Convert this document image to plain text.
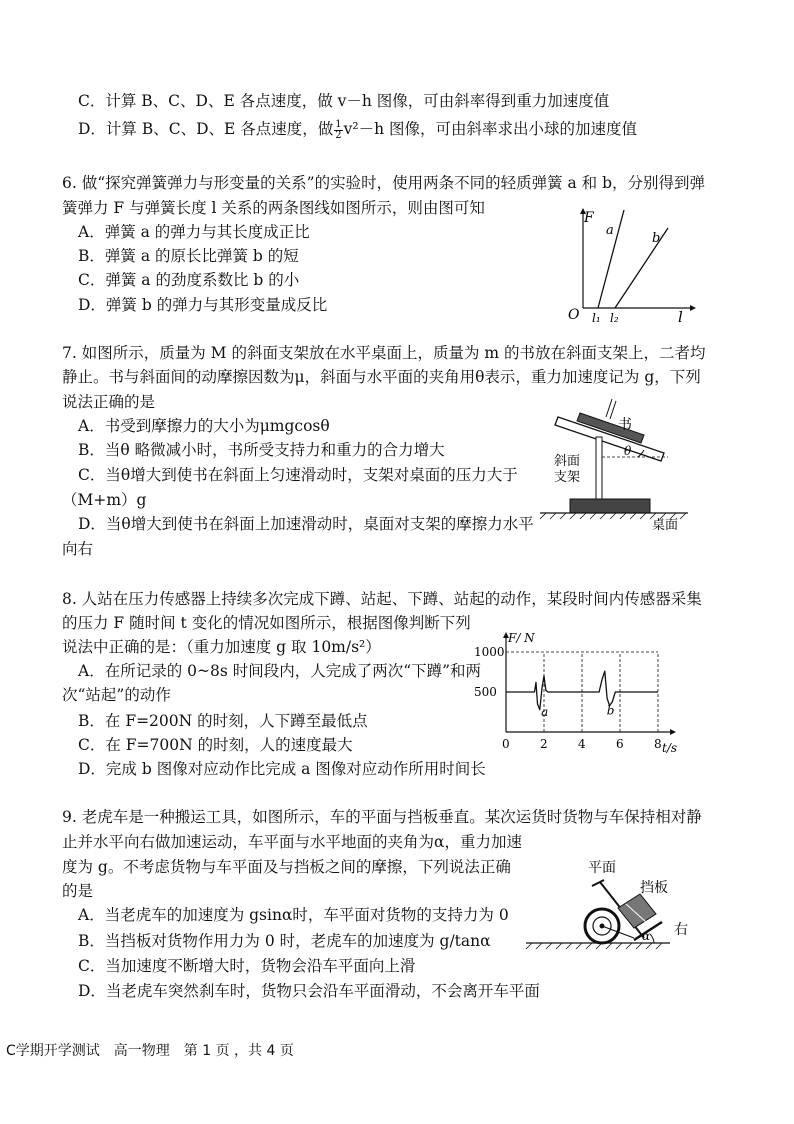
C．计算 B、C、D、E 各点速度，做 v－h 图像，可由斜率得到重力加速度值
D．计算 B、C、D、E 各点速度，做 $\frac{1}{2} v^2-h$ 图像，可由斜率求出小球的加速度值
6. 做“探究弹簧弹力与形变量的关系”的实验时，使用两条不同的轻质弹簧 a 和 b，分别得到弹
簧弹力 F 与弹簧长度 l 关系的两条图线如图所示，则由图可知
A．弹簧 a 的弹力与其长度成正比
B．弹簧 a 的原长比弹簧 b 的短
C．弹簧 a 的劲度系数比 b 的小
D．弹簧 b 的弹力与其形变量成反比
F
O	l
a
b
l₁ l₂
7. 如图所示，质量为 M 的斜面支架放在水平桌面上，质量为 m 的书放在斜面支架上，二者均
静止。书与斜面间的动摩擦因数为μ，斜面与水平面的夹角用θ表示，重力加速度记为 g，下列
说法正确的是
A．书受到摩擦力的大小为μmgcosθ
B．当θ 略微减小时，书所受支持力和重力的合力增大
C．当θ增大到使书在斜面上匀速滑动时，支架对桌面的压力大于
（M+m）g
D．当θ增大到使书在斜面上加速滑动时，桌面对支架的摩擦力水平
向右
书
θ
斜面
支架
桌面
8. 人站在压力传感器上持续多次完成下蹲、站起、下蹲、站起的动作，某段时间内传感器采集
的压力 F 随时间 t 变化的情况如图所示，根据图像判断下列
说法中正确的是：（重力加速度 g 取 10m/s²）
A．在所记录的 0~8s 时间段内，人完成了两次“下蹲”和两
次“站起”的动作
B．在 F=200N 的时刻，人下蹲至最低点
C．在 F=700N 的时刻，人的速度最大
D．完成 b 图像对应动作比完成 a 图像对应动作所用时间长
F/ N
t/s
0	2	4	6	8
500
1000
a	b
9. 老虎车是一种搬运工具，如图所示，车的平面与挡板垂直。某次运货时货物与车保持相对静
止并水平向右做加速运动，车平面与水平地面的夹角为α，重力加速
度为 g。不考虑货物与车平面及与挡板之间的摩擦，下列说法正确
的是
A．当老虎车的加速度为 gsinα时，车平面对货物的支持力为 0
B．当挡板对货物作用力为 0 时，老虎车的加速度为 g/tanα
C．当加速度不断增大时，货物会沿车平面向上滑
D．当老虎车突然刹车时，货物只会沿车平面滑动，不会离开车平面
平面
挡板
右
α
C学期开学测试　高一物理　第 1 页 ，共 4 页
